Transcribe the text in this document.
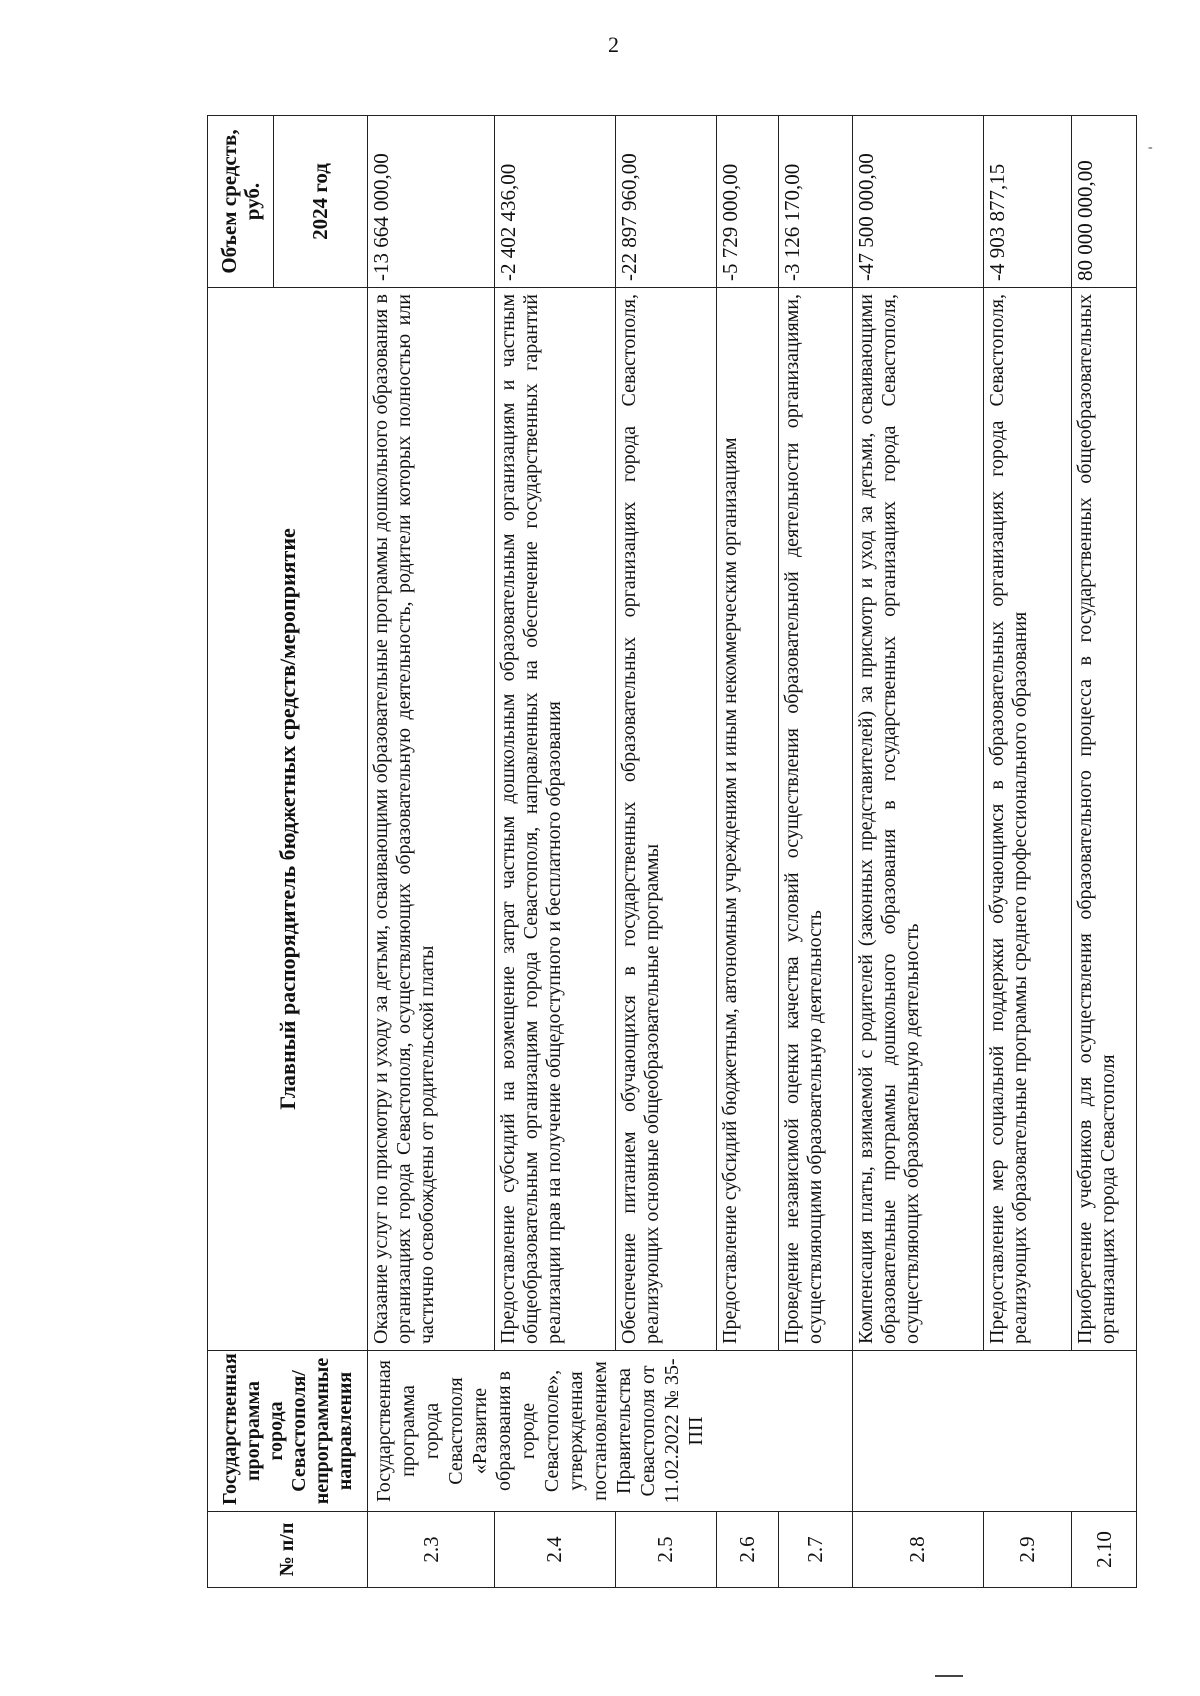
2
-
№ п/п	Государственная программа города Севастополя/ непрограммные направления	Главный распорядитель бюджетных средств/мероприятие	Объем средств, руб.
			2024 год
2.3	Государственная программа города Севастополя «Развитие образования в городе Севастополе», утвержденная постановлением Правительства Севастополя от 11.02.2022 № 35-ПП	Оказание услуг по присмотру и уходу за детьми, осваивающими образовательные программы дошкольного образования в организациях города Севастополя, осуществляющих образовательную деятельность, родители которых полностью или частично освобождены от родительской платы	-13 664 000,00
2.4		Предоставление субсидий на возмещение затрат частным дошкольным образовательным организациям и частным общеобразовательным организациям города Севастополя, направленных на обеспечение государственных гарантий реализации прав на получение общедоступного и бесплатного образования	-2 402 436,00
2.5		Обеспечение питанием обучающихся в государственных образовательных организациях города Севастополя, реализующих основные общеобразовательные программы	-22 897 960,00
2.6		Предоставление субсидий бюджетным, автономным учреждениям и иным некоммерческим организациям	-5 729 000,00
2.7		Проведение независимой оценки качества условий осуществления образовательной деятельности организациями, осуществляющими образовательную деятельность	-3 126 170,00
2.8		Компенсация платы, взимаемой с родителей (законных представителей) за присмотр и уход за детьми, осваивающими образовательные программы дошкольного образования в государственных организациях города Севастополя, осуществляющих образовательную деятельность	-47 500 000,00
2.9		Предоставление мер социальной поддержки обучающимся в образовательных организациях города Севастополя, реализующих образовательные программы среднего профессионального образования	-4 903 877,15
2.10		Приобретение учебников для осуществления образовательного процесса в государственных общеобразовательных организациях города Севастополя	80 000 000,00
